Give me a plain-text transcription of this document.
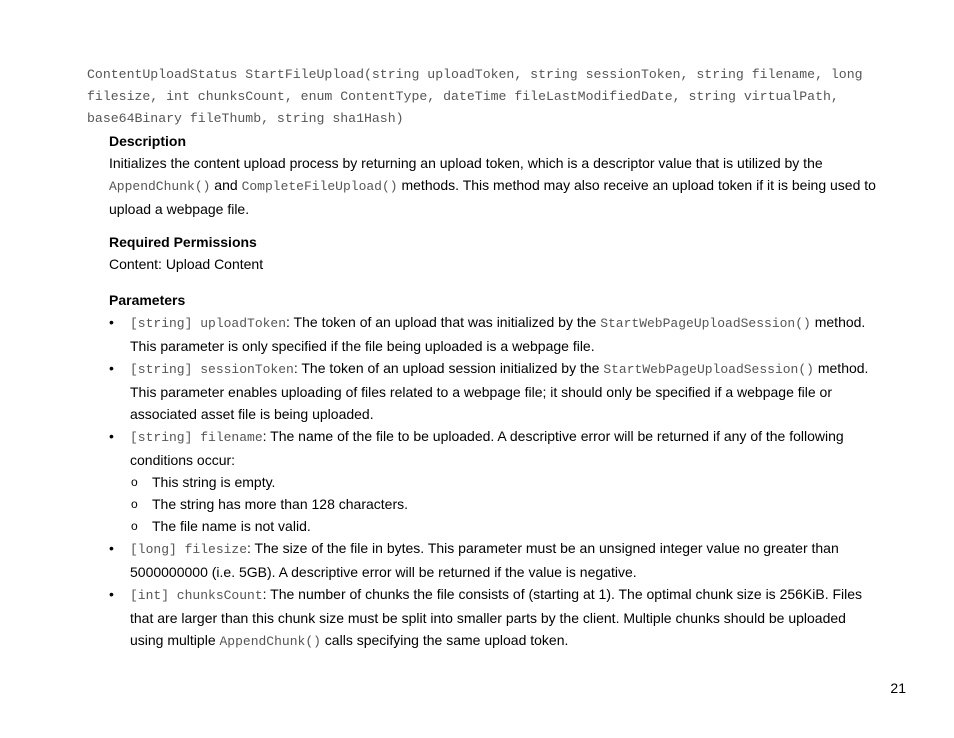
ContentUploadStatus StartFileUpload(string uploadToken, string sessionToken, string filename, long filesize, int chunksCount, enum ContentType, dateTime fileLastModifiedDate, string virtualPath, base64Binary fileThumb, string sha1Hash)

Description

Initializes the content upload process by returning an upload token, which is a descriptor value that is utilized by the AppendChunk() and CompleteFileUpload() methods. This method may also receive an upload token if it is being used to upload a webpage file.

Required Permissions

Content: Upload Content

Parameters
• [string] uploadToken: The token of an upload that was initialized by the StartWebPageUploadSession() method. This parameter is only specified if the file being uploaded is a webpage file.
• [string] sessionToken: The token of an upload session initialized by the StartWebPageUploadSession() method. This parameter enables uploading of files related to a webpage file; it should only be specified if a webpage file or associated asset file is being uploaded.
• [string] filename: The name of the file to be uploaded. A descriptive error will be returned if any of the following conditions occur:
o This string is empty.
o The string has more than 128 characters.
o The file name is not valid.
• [long] filesize: The size of the file in bytes. This parameter must be an unsigned integer value no greater than 5000000000 (i.e. 5GB). A descriptive error will be returned if the value is negative.
• [int] chunksCount: The number of chunks the file consists of (starting at 1). The optimal chunk size is 256KiB. Files that are larger than this chunk size must be split into smaller parts by the client. Multiple chunks should be uploaded using multiple AppendChunk() calls specifying the same upload token.
21
